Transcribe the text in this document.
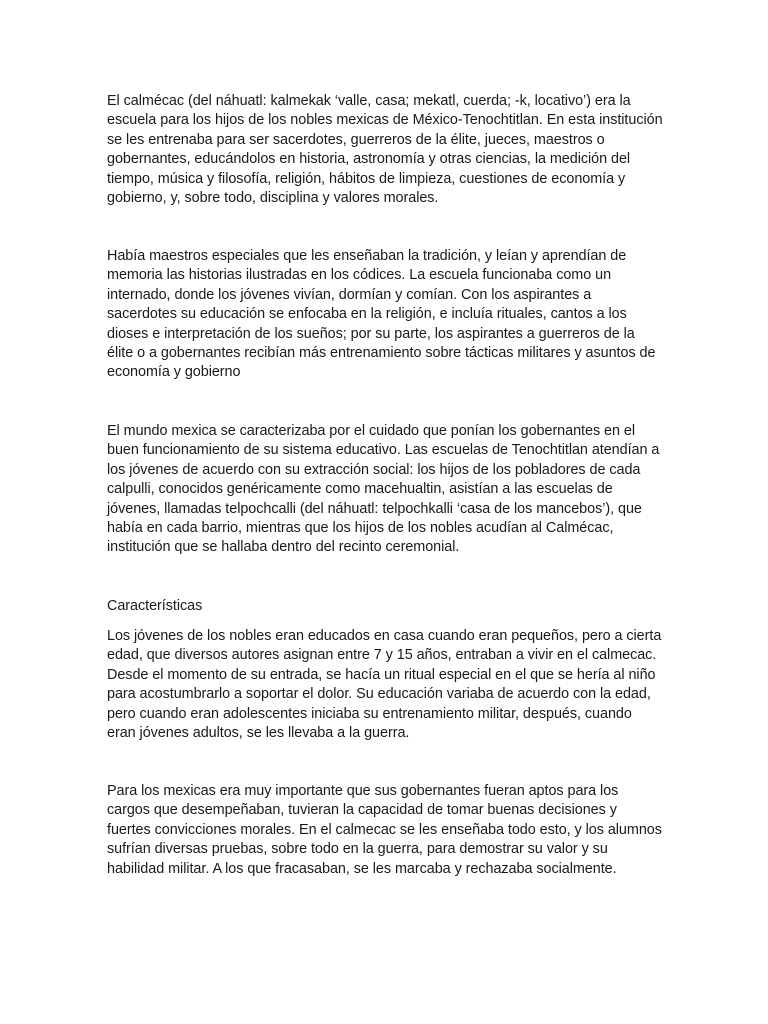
El calmécac (del náhuatl: kalmekak ‘valle, casa; mekatl, cuerda; -k, locativo’) era la escuela para los hijos de los nobles mexicas de México-Tenochtitlan. En esta institución se les entrenaba para ser sacerdotes, guerreros de la élite, jueces, maestros o gobernantes, educándolos en historia, astronomía y otras ciencias, la medición del tiempo, música y filosofía, religión, hábitos de limpieza, cuestiones de economía y gobierno, y, sobre todo, disciplina y valores morales.

Había maestros especiales que les enseñaban la tradición, y leían y aprendían de memoria las historias ilustradas en los códices. La escuela funcionaba como un internado, donde los jóvenes vivían, dormían y comían. Con los aspirantes a sacerdotes su educación se enfocaba en la religión, e incluía rituales, cantos a los dioses e interpretación de los sueños; por su parte, los aspirantes a guerreros de la élite o a gobernantes recibían más entrenamiento sobre tácticas militares y asuntos de economía y gobierno

El mundo mexica se caracterizaba por el cuidado que ponían los gobernantes en el buen funcionamiento de su sistema educativo. Las escuelas de Tenochtitlan atendían a los jóvenes de acuerdo con su extracción social: los hijos de los pobladores de cada calpulli, conocidos genéricamente como macehualtin, asistían a las escuelas de jóvenes, llamadas telpochcalli (del náhuatl: telpochkalli ‘casa de los mancebos’), que había en cada barrio, mientras que los hijos de los nobles acudían al Calmécac, institución que se hallaba dentro del recinto ceremonial.

Características

Los jóvenes de los nobles eran educados en casa cuando eran pequeños, pero a cierta edad, que diversos autores asignan entre 7 y 15 años, entraban a vivir en el calmecac. Desde el momento de su entrada, se hacía un ritual especial en el que se hería al niño para acostumbrarlo a soportar el dolor. Su educación variaba de acuerdo con la edad, pero cuando eran adolescentes iniciaba su entrenamiento militar, después, cuando eran jóvenes adultos, se les llevaba a la guerra.

Para los mexicas era muy importante que sus gobernantes fueran aptos para los cargos que desempeñaban, tuvieran la capacidad de tomar buenas decisiones y fuertes convicciones morales. En el calmecac se les enseñaba todo esto, y los alumnos sufrían diversas pruebas, sobre todo en la guerra, para demostrar su valor y su habilidad militar. A los que fracasaban, se les marcaba y rechazaba socialmente.
